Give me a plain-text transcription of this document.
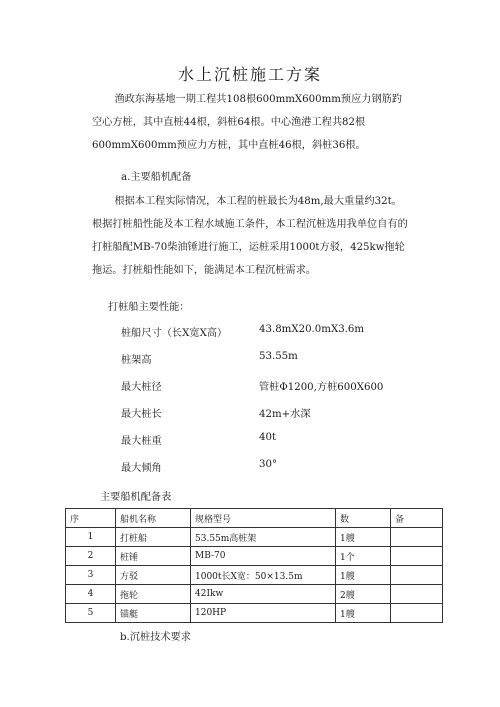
水上沉桩施工方案
渔政东海基地一期工程共108根600mmX600mm预应力钢筋趵空心方桩，其中直桩44根，斜桩64根。中心渔港工程共82根600mmX600mm预应力方桩，其中直桩46根，斜桩36根。
a.主要船机配备
根据本工程实际情况，本工程的桩最长为48m,最大重量约32t。根据打桩船性能及本工程水域施工条件，本工程沉桩选用我单位自有的打桩船配MB-70柴油锤进行施工，运桩采用1000t方驳，425kw拖轮拖运。打桩船性能如下，能满足本工程沉桩需求。
打桩船主要性能：
桩船尺寸（长X宽X高）	43.8mX20.0mX3.6m
桩架高	53.55m
最大桩径	管桩Φ1200,方桩600X600
最大桩长	42m+水深
最大桩重	40t
最大倾角	30°
主要船机配备表
序	船机名称	规格型号	数	备
1	打桩船	53.55m高桩架	1艘	
2	桩锤	MB-70	1个	
3	方驳	1000t长X宽：50×13.5m	1艘	
4	拖轮	42Ikw	2艘	
5	锚艇	120HP	1艘	
b.沉桩技术要求
